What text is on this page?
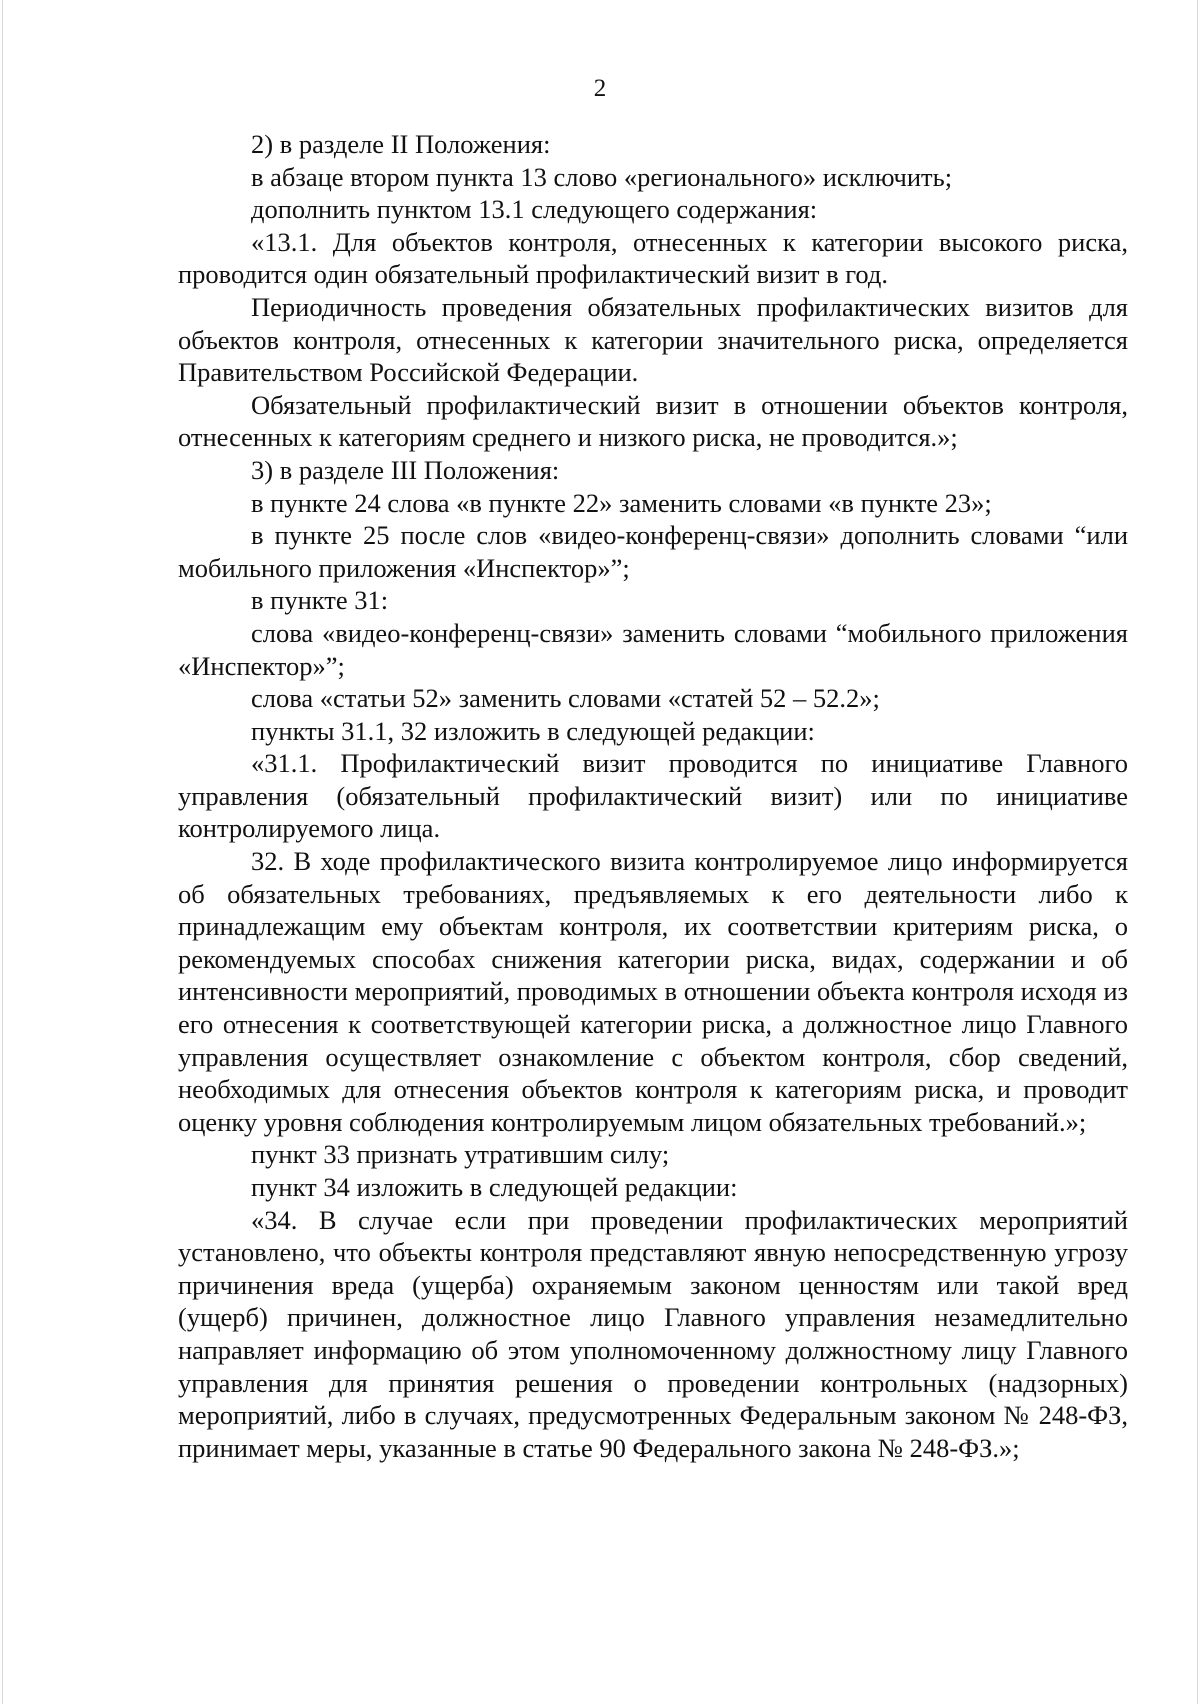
2

2) в разделе II Положения:

в абзаце втором пункта 13 слово «регионального» исключить;

дополнить пунктом 13.1 следующего содержания:

«13.1. Для объектов контроля, отнесенных к категории высокого риска, проводится один обязательный профилактический визит в год.

Периодичность проведения обязательных профилактических визитов для объектов контроля, отнесенных к категории значительного риска, определяется Правительством Российской Федерации.

Обязательный профилактический визит в отношении объектов контроля, отнесенных к категориям среднего и низкого риска, не проводится.»;

3) в разделе III Положения:

в пункте 24 слова «в пункте 22» заменить словами «в пункте 23»;

в пункте 25 после слов «видео-конференц-связи» дополнить словами “или мобильного приложения «Инспектор»”;

в пункте 31:

слова «видео-конференц-связи» заменить словами “мобильного приложения «Инспектор»”;

слова «статьи 52» заменить словами «статей 52 – 52.2»;

пункты 31.1, 32 изложить в следующей редакции:

«31.1. Профилактический визит проводится по инициативе Главного управления (обязательный профилактический визит) или по инициативе контролируемого лица.

32. В ходе профилактического визита контролируемое лицо информируется об обязательных требованиях, предъявляемых к его деятельности либо к принадлежащим ему объектам контроля, их соответствии критериям риска, о рекомендуемых способах снижения категории риска, видах, содержании и об интенсивности мероприятий, проводимых в отношении объекта контроля исходя из его отнесения к соответствующей категории риска, а должностное лицо Главного управления осуществляет ознакомление с объектом контроля, сбор сведений, необходимых для отнесения объектов контроля к категориям риска, и проводит оценку уровня соблюдения контролируемым лицом обязательных требований.»;

пункт 33 признать утратившим силу;

пункт 34 изложить в следующей редакции:

«34. В случае если при проведении профилактических мероприятий установлено, что объекты контроля представляют явную непосредственную угрозу причинения вреда (ущерба) охраняемым законом ценностям или такой вред (ущерб) причинен, должностное лицо Главного управления незамедлительно направляет информацию об этом уполномоченному должностному лицу Главного управления для принятия решения о проведении контрольных (надзорных) мероприятий, либо в случаях, предусмотренных Федеральным законом № 248-ФЗ, принимает меры, указанные в статье 90 Федерального закона № 248-ФЗ.»;
